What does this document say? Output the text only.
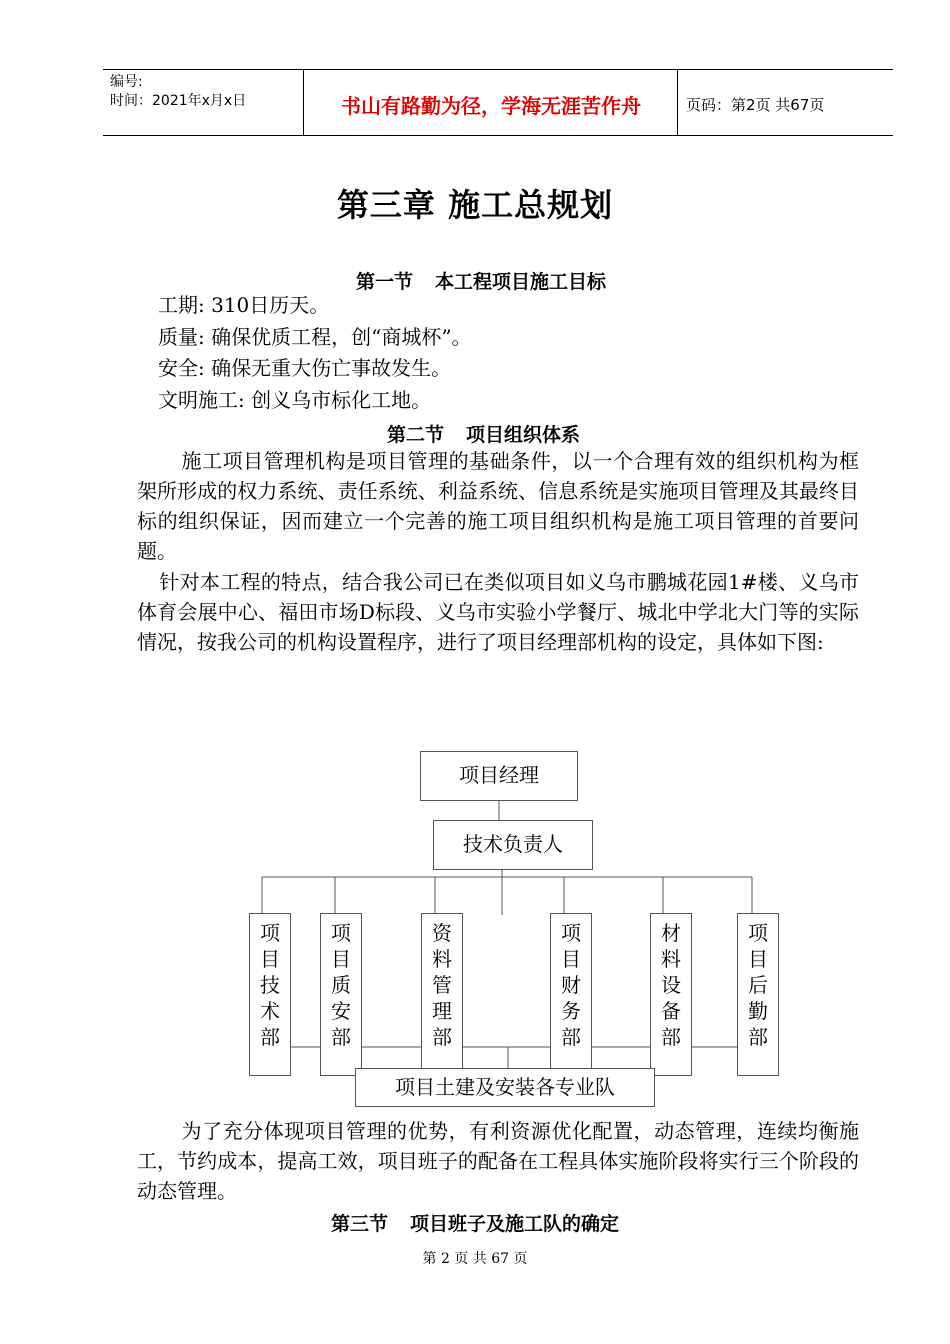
编号:
时间：2021年x月x日	书山有路勤为径，学海无涯苦作舟	页码：第2页 共67页
第三章 施工总规划
第一节 本工程项目施工目标
工期: 310日历天。
质量: 确保优质工程，创“商城杯”。
安全: 确保无重大伤亡事故发生。
文明施工: 创义乌市标化工地。
第二节 项目组织体系
施工项目管理机构是项目管理的基础条件，以一个合理有效的组织机构为框架所形成的权力系统、责任系统、利益系统、信息系统是实施项目管理及其最终目标的组织保证，因而建立一个完善的施工项目组织机构是施工项目管理的首要问题。
针对本工程的特点，结合我公司已在类似项目如义乌市鹏城花园1#楼、义乌市体育会展中心、福田市场D标段、义乌市实验小学餐厅、城北中学北大门等的实际情况，按我公司的机构设置程序，进行了项目经理部机构的设定，具体如下图:
项目经理
技术负责人
项
目
技
术
部
项
目
质
安
部
资
料
管
理
部
项
目
财
务
部
材
料
设
备
部
项
目
后
勤
部
项目土建及安装各专业队
为了充分体现项目管理的优势，有利资源优化配置，动态管理，连续均衡施工，节约成本，提高工效，项目班子的配备在工程具体实施阶段将实行三个阶段的动态管理。
第三节 项目班子及施工队的确定
第 2 页 共 67 页
